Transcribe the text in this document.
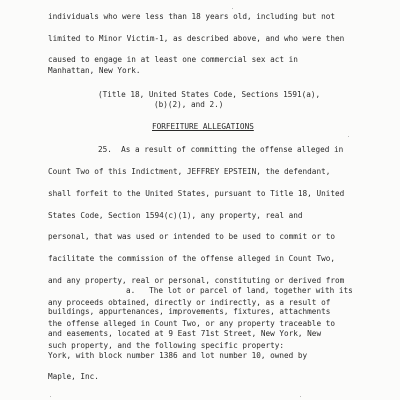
individuals who were less than 18 years old, including but not
limited to Minor Victim-1, as described above, and who were then
caused to engage in at least one commercial sex act in
Manhattan, New York.
(Title 18, United States Code, Sections 1591(a),
(b)(2), and 2.)
FORFEITURE ALLEGATIONS
25.  As a result of committing the offense alleged in
Count Two of this Indictment, JEFFREY EPSTEIN, the defendant,
shall forfeit to the United States, pursuant to Title 18, United
States Code, Section 1594(c)(1), any property, real and
personal, that was used or intended to be used to commit or to
facilitate the commission of the offense alleged in Count Two,
and any property, real or personal, constituting or derived from
any proceeds obtained, directly or indirectly, as a result of
the offense alleged in Count Two, or any property traceable to
such property, and the following specific property:
a.   The lot or parcel of land, together with its
buildings, appurtenances, improvements, fixtures, attachments
and easements, located at 9 East 71st Street, New York, New
York, with block number 1386 and lot number 10, owned by
Maple, Inc.
